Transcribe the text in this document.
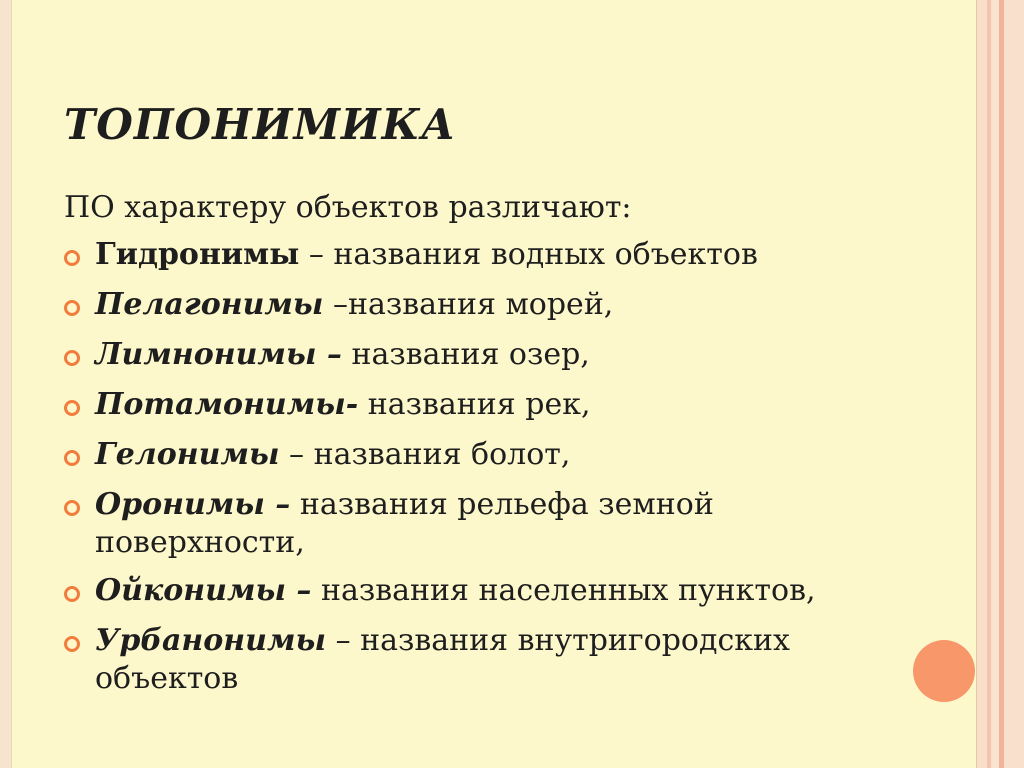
ТОПОНИМИКА
ПО характеру объектов различают:
Гидронимы – названия водных объектов
Пелагонимы –названия морей,
Лимнонимы – названия озер,
Потамонимы- названия рек,
Гелонимы – названия болот,
Оронимы – названия рельефа земной поверхности,
Ойконимы – названия населенных пунктов,
Урбанонимы – названия внутригородских объектов
